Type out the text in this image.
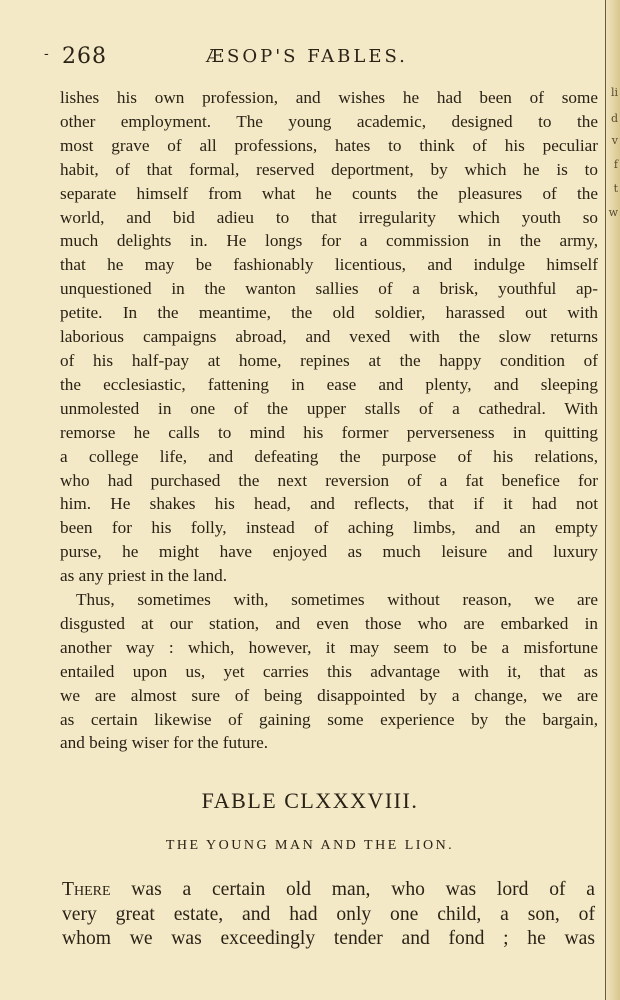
li
d
v
f
t
w
- 268	ÆSOP'S FABLES.
lishes his own profession, and wishes he had been of some
other employment. The young academic, designed to the
most grave of all professions, hates to think of his peculiar
habit, of that formal, reserved deportment, by which he is to
separate himself from what he counts the pleasures of the
world, and bid adieu to that irregularity which youth so
much delights in. He longs for a commission in the army,
that he may be fashionably licentious, and indulge himself
unquestioned in the wanton sallies of a brisk, youthful ap-
petite. In the meantime, the old soldier, harassed out with
laborious campaigns abroad, and vexed with the slow returns
of his half-pay at home, repines at the happy condition of
the ecclesiastic, fattening in ease and plenty, and sleeping
unmolested in one of the upper stalls of a cathedral. With
remorse he calls to mind his former perverseness in quitting
a college life, and defeating the purpose of his relations,
who had purchased the next reversion of a fat benefice for
him. He shakes his head, and reflects, that if it had not
been for his folly, instead of aching limbs, and an empty
purse, he might have enjoyed as much leisure and luxury
as any priest in the land.
Thus, sometimes with, sometimes without reason, we are
disgusted at our station, and even those who are embarked in
another way : which, however, it may seem to be a misfortune
entailed upon us, yet carries this advantage with it, that as
we are almost sure of being disappointed by a change, we are
as certain likewise of gaining some experience by the bargain,
and being wiser for the future.
FABLE CLXXXVIII.
THE YOUNG MAN AND THE LION.
There was a certain old man, who was lord of a
very great estate, and had only one child, a son, of
whom we was exceedingly tender and fond ; he was
